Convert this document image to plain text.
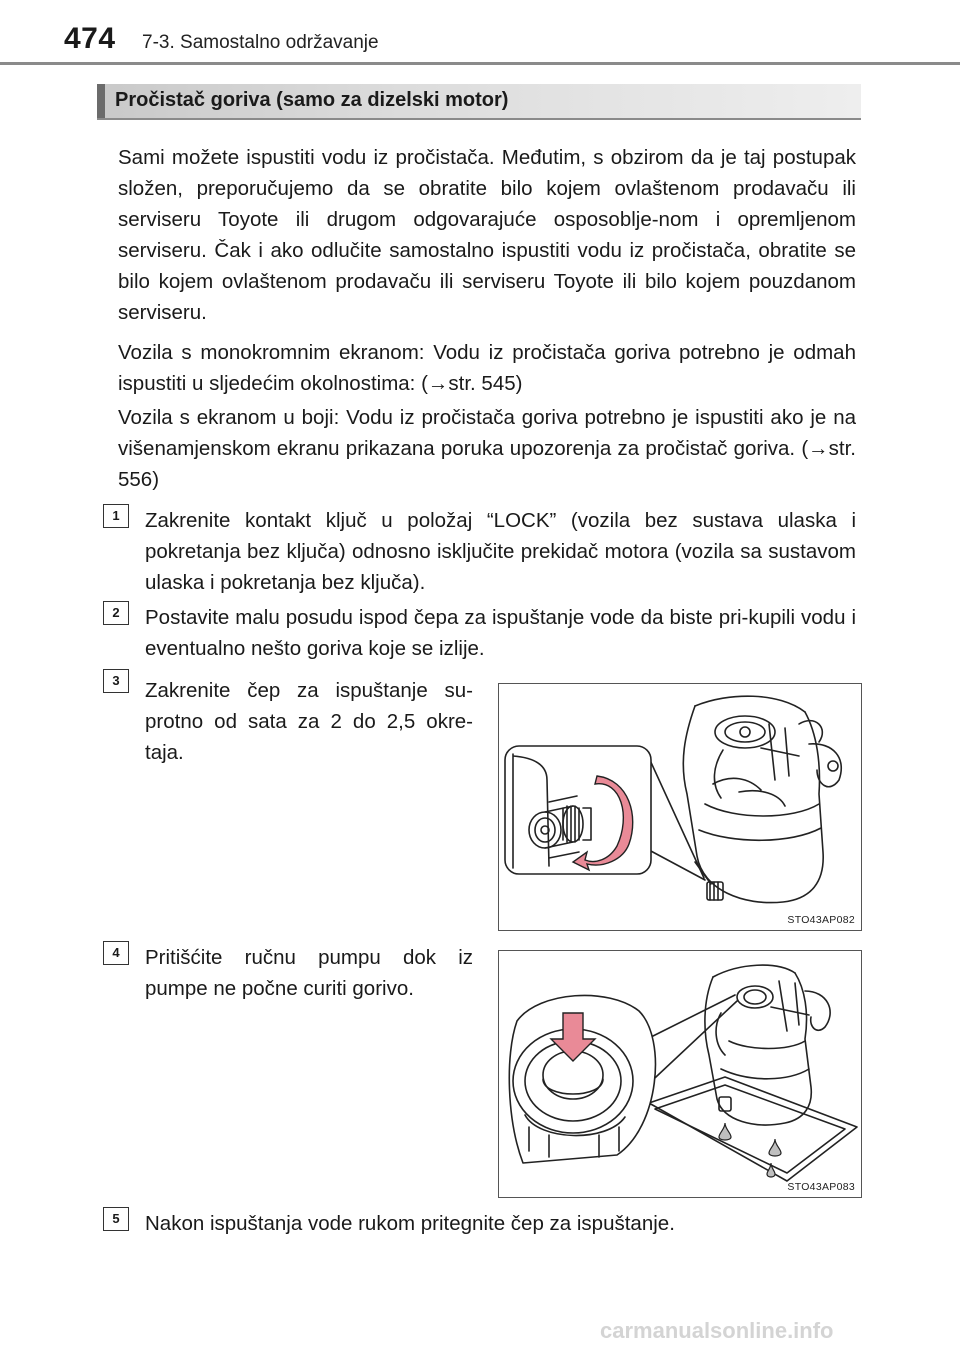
474 7-3. Samostalno održavanje
Pročistač goriva (samo za dizelski motor)
Sami možete ispustiti vodu iz pročistača. Međutim, s obzirom da je taj postupak složen, preporučujemo da se obratite bilo kojem ovlaštenom prodavaču ili serviseru Toyote ili drugom odgovarajuće osposoblje-nom i opremljenom serviseru. Čak i ako odlučite samostalno ispustiti vodu iz pročistača, obratite se bilo kojem ovlaštenom prodavaču ili serviseru Toyote ili bilo kojem pouzdanom serviseru.
Vozila s monokromnim ekranom: Vodu iz pročistača goriva potrebno je odmah ispustiti u sljedećim okolnostima: (→str. 545)
Vozila s ekranom u boji: Vodu iz pročistača goriva potrebno je ispustiti ako je na višenamjenskom ekranu prikazana poruka upozorenja za pročistač goriva. (→str. 556)
1	Zakrenite kontakt ključ u položaj “LOCK” (vozila bez sustava ulaska i pokretanja bez ključa) odnosno isključite prekidač motora (vozila sa sustavom ulaska i pokretanja bez ključa).
2	Postavite malu posudu ispod čepa za ispuštanje vode da biste pri-kupili vodu i eventualno nešto goriva koje se izlije.
3	Zakrenite čep za ispuštanje su-protno od sata za 2 do 2,5 okre-taja.
STO43AP082
4	Pritišćite ručnu pumpu dok iz pumpe ne počne curiti gorivo.
STO43AP083
5	Nakon ispuštanja vode rukom pritegnite čep za ispuštanje.
carmanualsonline.info
